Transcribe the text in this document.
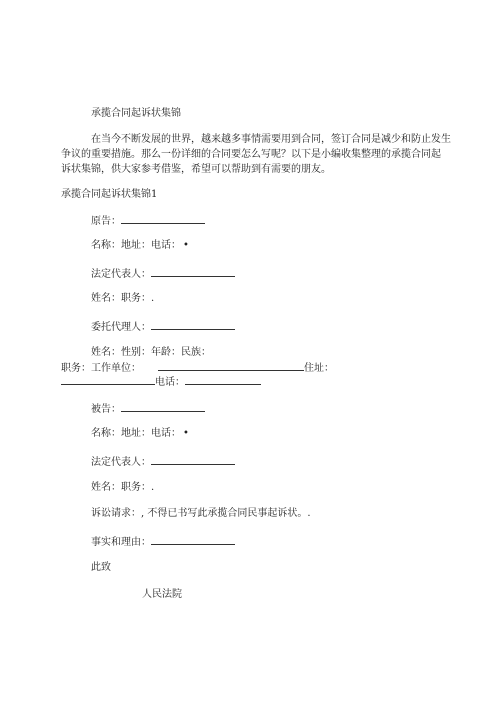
承揽合同起诉状集锦
在当今不断发展的世界，越来越多事情需要用到合同，签订合同是减少和防止发生
争议的重要措施。那么一份详细的合同要怎么写呢？以下是小编收集整理的承揽合同起
诉状集锦，供大家参考借鉴，希望可以帮助到有需要的朋友。
承揽合同起诉状集锦1
原告：
名称：地址：电话： •
法定代表人：
姓名：职务：.
委托代理人：
姓名：性别：年龄：民族：
职务：工作单位：	住址：
电话：
被告：
名称：地址：电话： •
法定代表人：
姓名：职务：.
诉讼请求：, 不得已书写此承揽合同民事起诉状。.
事实和理由：
此致
人民法院
